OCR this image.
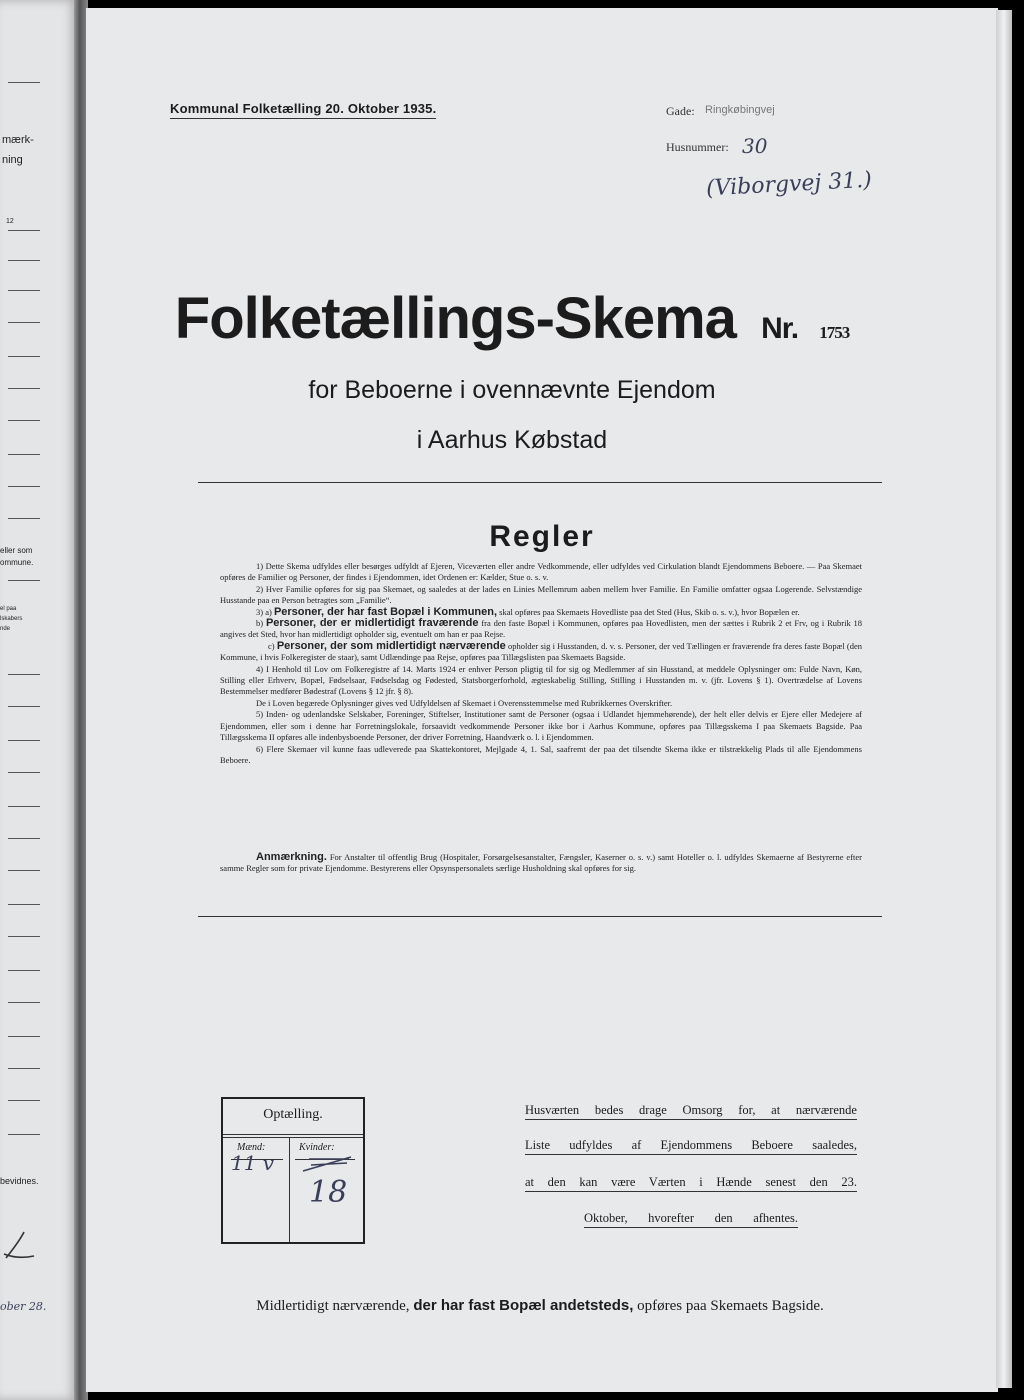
mærk-
ning
12
eller som
ommune.
el paa
lskabers
nde
bevidnes.
ober 28.
Kommunal Folketælling 20. Oktober 1935.	Gade: Ringkøbingvej
Husnummer: 30
(Viborgvej 31.)
Folketællings-Skema Nr. 1753
for Beboerne i ovennævnte Ejendom
i Aarhus Købstad
Regler

1) Dette Skema udfyldes eller besørges udfyldt af Ejeren, Viceværten eller andre Vedkommende, eller udfyldes ved Cirkulation blandt Ejendommens Beboere. — Paa Skemaet opføres de Familier og Personer, der findes i Ejendommen, idet Ordenen er: Kælder, Stue o. s. v.

2) Hver Familie opføres for sig paa Skemaet, og saaledes at der lades en Linies Mellemrum aaben mellem hver Familie. En Familie omfatter ogsaa Logerende. Selvstændige Husstande paa en Person betragtes som „Familie“.

3) a) Personer, der har fast Bopæl i Kommunen, skal opføres paa Skemaets Hovedliste paa det Sted (Hus, Skib o. s. v.), hvor Bopælen er.

b) Personer, der er midlertidigt fraværende fra den faste Bopæl i Kommunen, opføres paa Hovedlisten, men der sættes i Rubrik 2 et Frv, og i Rubrik 18 angives det Sted, hvor han midlertidigt opholder sig, eventuelt om han er paa Rejse.

c) Personer, der som midlertidigt nærværende opholder sig i Husstanden, d. v. s. Personer, der ved Tællingen er fraværende fra deres faste Bopæl (den Kommune, i hvis Folkeregister de staar), samt Udlændinge paa Rejse, opføres paa Tillægslisten paa Skemaets Bagside.

4) I Henhold til Lov om Folkeregistre af 14. Marts 1924 er enhver Person pligtig til for sig og Medlemmer af sin Husstand, at meddele Oplysninger om: Fulde Navn, Køn, Stilling eller Erhverv, Bopæl, Fødselsaar, Fødselsdag og Fødested, Statsborgerforhold, ægteskabelig Stilling, Stilling i Husstanden m. v. (jfr. Lovens § 1). Overtrædelse af Lovens Bestemmelser medfører Bødestraf (Lovens § 12 jfr. § 8).

De i Loven begærede Oplysninger gives ved Udfyldelsen af Skemaet i Overensstemmelse med Rubrikkernes Overskrifter.

5) Inden- og udenlandske Selskaber, Foreninger, Stiftelser, Institutioner samt de Personer (ogsaa i Udlandet hjemmehørende), der helt eller delvis er Ejere eller Medejere af Ejendommen, eller som i denne har Forretningslokale, forsaavidt vedkommende Personer ikke bor i Aarhus Kommune, opføres paa Tillægsskema I paa Skemaets Bagside. Paa Tillægsskema II opføres alle indenbysboende Personer, der driver Forretning, Haandværk o. l. i Ejendommen.

6) Flere Skemaer vil kunne faas udleverede paa Skattekontoret, Mejlgade 4, 1. Sal, saafremt der paa det tilsendte Skema ikke er tilstrækkelig Plads til alle Ejendommens Beboere.

Anmærkning. For Anstalter til offentlig Brug (Hospitaler, Forsørgelsesanstalter, Fængsler, Kaserner o. s. v.) samt Hoteller o. l. udfyldes Skemaerne af Bestyrerne efter samme Regler som for private Ejendomme. Bestyrerens eller Opsynspersonalets særlige Husholdning skal opføres for sig.

Optælling.
Mænd:	Kvinder:
11 v
18
Husværten bedes drage Omsorg for, at nærværende
Liste udfyldes af Ejendommens Beboere saaledes,
at den kan være Værten i Hænde senest den 23.
Oktober, hvorefter den afhentes.
Midlertidigt nærværende, der har fast Bopæl andetsteds, opføres paa Skemaets Bagside.
